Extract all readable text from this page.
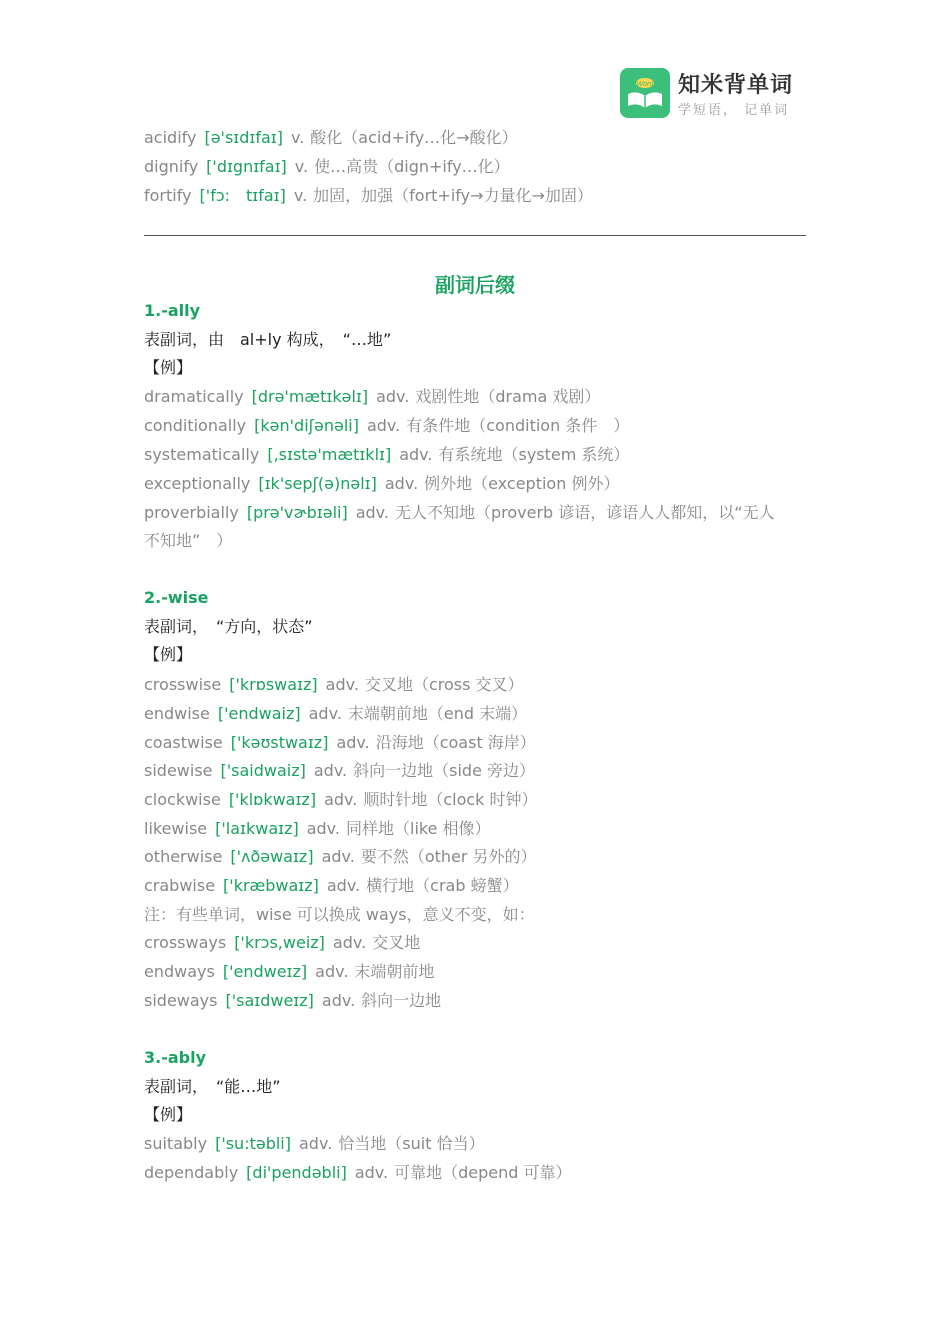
Word 知米背单词
学短语， 记单词
acidify [ə'sɪdɪfaɪ] v. 酸化（acid+ify…化→酸化）
dignify ['dɪgnɪfaɪ] v. 使…高贵（dign+ify…化）
fortify ['fɔ:　tɪfaɪ] v. 加固，加强（fort+ify→力量化→加固）
副词后缀
1.-ally
表副词，由　al+ly 构成，　“…地”
【例】
dramatically [drə'mætɪkəlɪ] adv. 戏剧性地（drama 戏剧）
conditionally [kən'diʃənəli] adv. 有条件地（condition 条件　）
systematically [,sɪstə'mætɪklɪ] adv. 有系统地（system 系统）
exceptionally [ɪk'sepʃ(ə)nəlɪ] adv. 例外地（exception 例外）
proverbially [prə'vɚbɪəli] adv. 无人不知地（proverb 谚语，谚语人人都知，以“无人
不知地”　）
2.-wise
表副词，　“方向，状态”
【例】
crosswise ['krɒswaɪz] adv. 交叉地（cross 交叉）
endwise ['endwaiz] adv. 末端朝前地（end 末端）
coastwise ['kəʊstwaɪz] adv. 沿海地（coast 海岸）
sidewise ['saidwaiz] adv. 斜向一边地（side 旁边）
clockwise ['klɒkwaɪz] adv. 顺时针地（clock 时钟）
likewise ['laɪkwaɪz] adv. 同样地（like 相像）
otherwise ['ʌðəwaɪz] adv. 要不然（other 另外的）
crabwise ['kræbwaɪz] adv. 横行地（crab 螃蟹）
注：有些单词，wise 可以换成 ways，意义不变，如：
crossways ['krɔs,weiz] adv. 交叉地
endways ['endweɪz] adv. 末端朝前地
sideways ['saɪdweɪz] adv. 斜向一边地
3.-ably
表副词，　“能…地”
【例】
suitably ['su:təbli] adv. 恰当地（suit 恰当）
dependably [di'pendəbli] adv. 可靠地（depend 可靠）
